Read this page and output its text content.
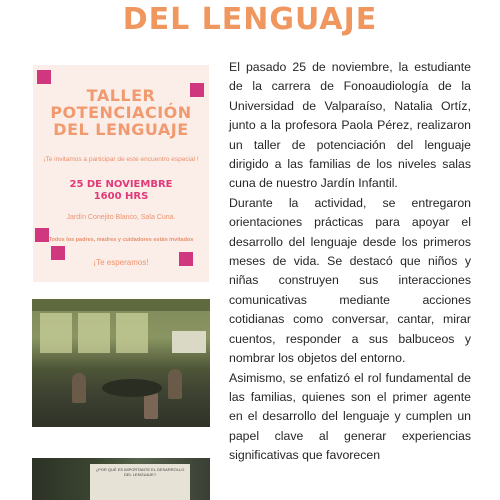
DEL LENGUAJE
TALLER
POTENCIACIÓN
DEL LENGUAJE
¡Te invitamos a participar de este encuentro especial !
25 DE NOVIEMBRE
1600 HRS
Jardín Conejito Blanco, Sala Cuna.
Todos los padres, madres y cuidadores están invitados
¡Te esperamos!
¿POR QUÉ ES IMPORTANTE EL DESARROLLO DEL LENGUAJE?

El pasado 25 de noviembre, la estudiante de la carrera de Fonoaudiología de la Universidad de Valparaíso, Natalia Ortíz, junto a la profesora Paola Pérez, realizaron un taller de potenciación del lenguaje dirigido a las familias de los niveles salas cuna de nuestro Jardín Infantil.

Durante la actividad, se entregaron orientaciones prácticas para apoyar el desarrollo del lenguaje desde los primeros meses de vida. Se destacó que niños y niñas construyen sus interacciones comunicativas mediante acciones cotidianas como conversar, cantar, mirar cuentos, responder a sus balbuceos y nombrar los objetos del entorno.

Asimismo, se enfatizó el rol fundamental de las familias, quienes son el primer agente en el desarrollo del lenguaje y cumplen un papel clave al generar experiencias significativas que favorecen
